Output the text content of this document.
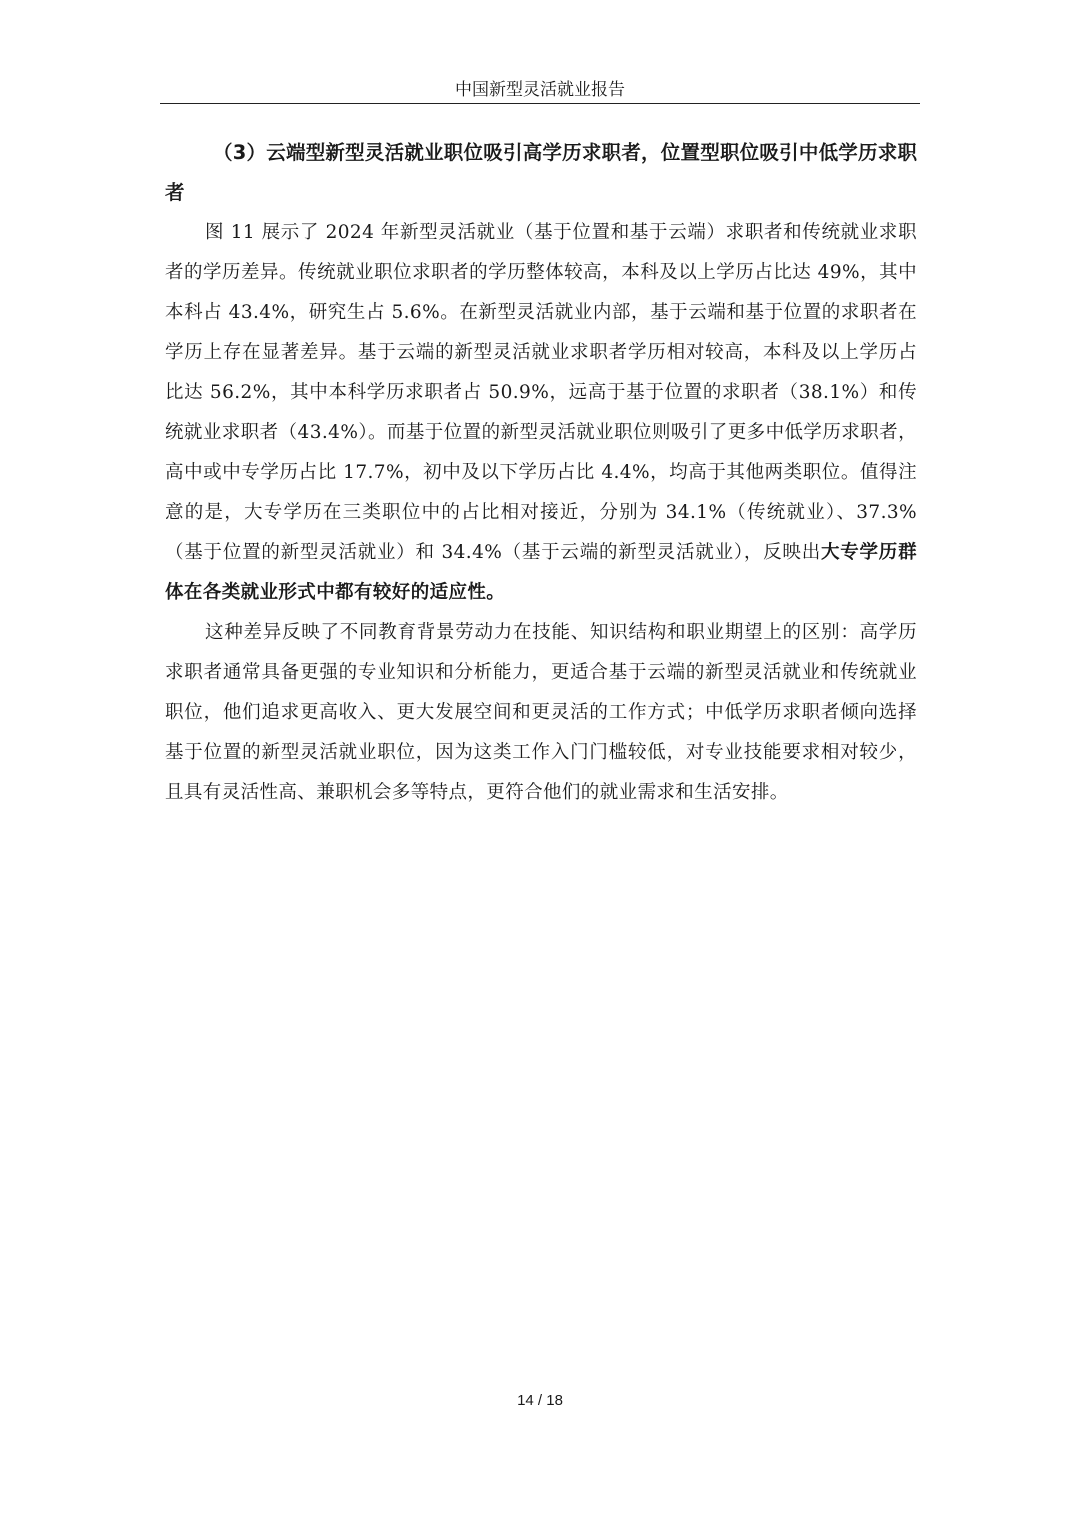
中国新型灵活就业报告

（3）云端型新型灵活就业职位吸引高学历求职者，位置型职位吸引中低学历求职者

图 11 展示了 2024 年新型灵活就业（基于位置和基于云端）求职者和传统就业求职者的学历差异。传统就业职位求职者的学历整体较高，本科及以上学历占比达 49%，其中本科占 43.4%，研究生占 5.6%。在新型灵活就业内部，基于云端和基于位置的求职者在学历上存在显著差异。基于云端的新型灵活就业求职者学历相对较高，本科及以上学历占比达 56.2%，其中本科学历求职者占 50.9%，远高于基于位置的求职者（38.1%）和传统就业求职者（43.4%）。而基于位置的新型灵活就业职位则吸引了更多中低学历求职者，高中或中专学历占比 17.7%，初中及以下学历占比 4.4%，均高于其他两类职位。值得注意的是，大专学历在三类职位中的占比相对接近，分别为 34.1%（传统就业）、37.3%（基于位置的新型灵活就业）和 34.4%（基于云端的新型灵活就业），反映出大专学历群体在各类就业形式中都有较好的适应性。

这种差异反映了不同教育背景劳动力在技能、知识结构和职业期望上的区别：高学历求职者通常具备更强的专业知识和分析能力，更适合基于云端的新型灵活就业和传统就业职位，他们追求更高收入、更大发展空间和更灵活的工作方式；中低学历求职者倾向选择基于位置的新型灵活就业职位，因为这类工作入门门槛较低，对专业技能要求相对较少，且具有灵活性高、兼职机会多等特点，更符合他们的就业需求和生活安排。

14 / 18
